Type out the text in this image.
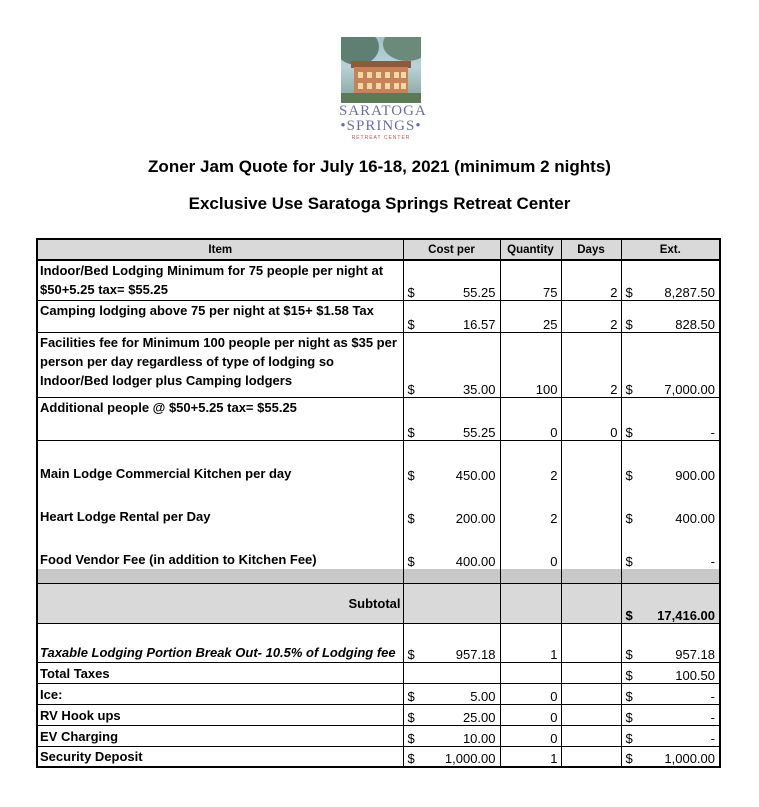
SARATOGA
•SPRINGS•
RETREAT CENTER
Zoner Jam Quote for July 16-18, 2021 (minimum 2 nights)
Exclusive Use Saratoga Springs Retreat Center
Item	Cost per	Quantity	Days	Ext.
Indoor/Bed Lodging Minimum for 75 people per night at $50+5.25 tax= $55.25	$ 55.25	75	2	$ 8,287.50

Camping lodging above 75 per night at $15+ $1.58 Tax	$ 16.57	25	2	$ 828.50

Facilities fee for Minimum 100 people per night as $35 per person per day regardless of type of lodging so Indoor/Bed lodger plus Camping lodgers	$ 35.00	100	2	$ 7,000.00

Additional people @ $50+5.25 tax= $55.25	$ 55.25	0	0	$ -

Main Lodge Commercial Kitchen per day	$ 450.00	2		$ 900.00

Heart Lodge Rental per Day	$ 200.00	2		$ 400.00

Food Vendor Fee (in addition to Kitchen Fee)	$ 400.00	0		$ -

Subtotal				$ 17,416.00

Taxable Lodging Portion Break Out- 10.5% of Lodging fee	$ 957.18	1		$ 957.18

Total Taxes				$ 100.50

Ice:	$ 5.00	0		$ -

RV Hook ups	$ 25.00	0		$ -

EV Charging	$ 10.00	0		$ -

Security Deposit	$ 1,000.00	1		$ 1,000.00
